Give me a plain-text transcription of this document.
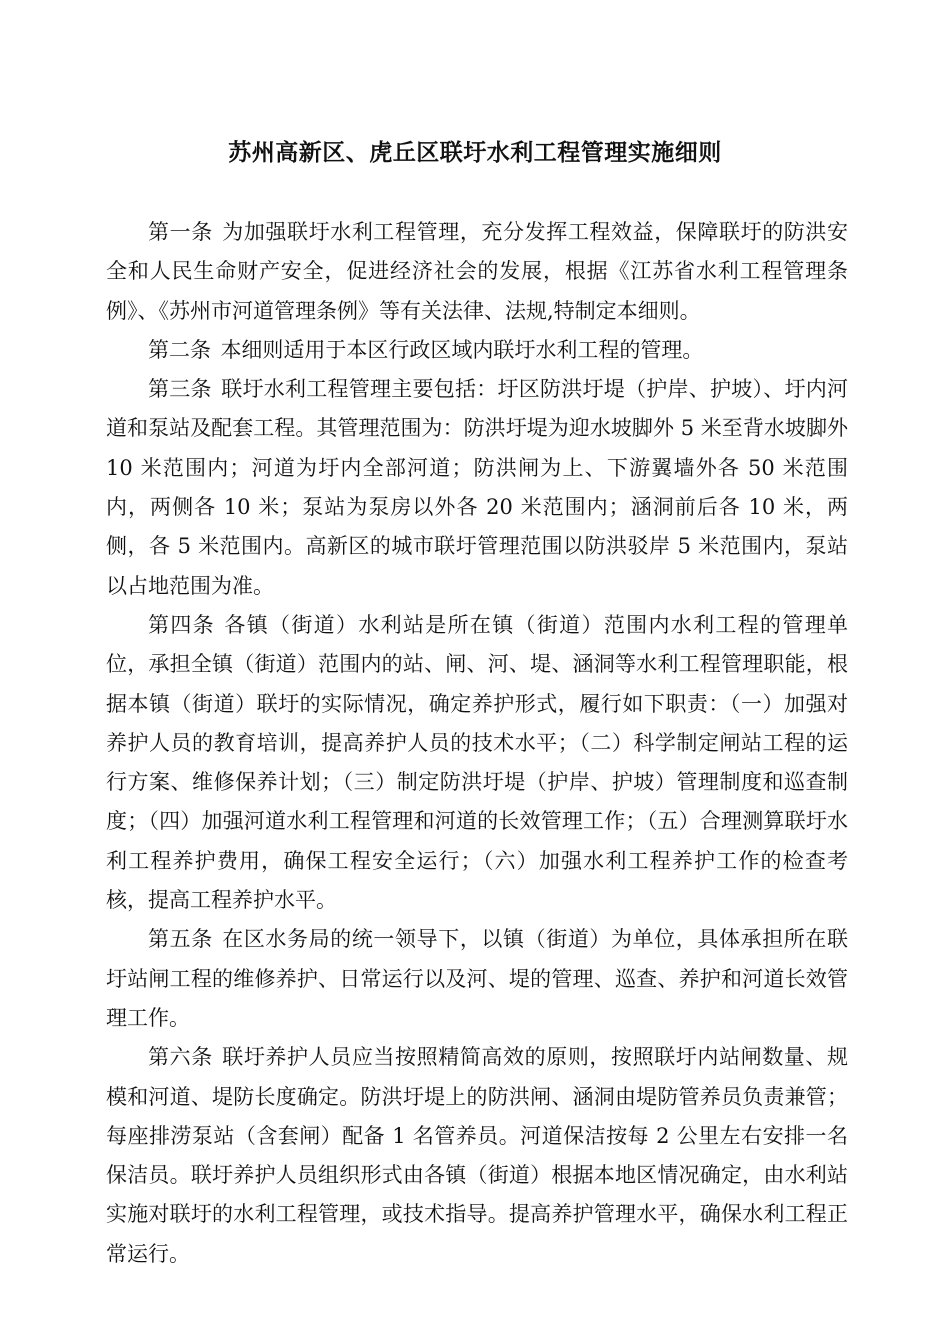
苏州高新区、虎丘区联圩水利工程管理实施细则

第一条 为加强联圩水利工程管理，充分发挥工程效益，保障联圩的防洪安全和人民生命财产安全，促进经济社会的发展，根据《江苏省水利工程管理条例》、《苏州市河道管理条例》等有关法律、法规,特制定本细则。

第二条 本细则适用于本区行政区域内联圩水利工程的管理。

第三条 联圩水利工程管理主要包括：圩区防洪圩堤（护岸、护坡）、圩内河道和泵站及配套工程。其管理范围为：防洪圩堤为迎水坡脚外 5 米至背水坡脚外 10 米范围内；河道为圩内全部河道；防洪闸为上、下游翼墙外各 50 米范围内，两侧各 10 米；泵站为泵房以外各 20 米范围内；涵洞前后各 10 米，两侧，各 5 米范围内。高新区的城市联圩管理范围以防洪驳岸 5 米范围内，泵站以占地范围为准。

第四条 各镇（街道）水利站是所在镇（街道）范围内水利工程的管理单位，承担全镇（街道）范围内的站、闸、河、堤、涵洞等水利工程管理职能，根据本镇（街道）联圩的实际情况，确定养护形式，履行如下职责：（一）加强对养护人员的教育培训，提高养护人员的技术水平；（二）科学制定闸站工程的运行方案、维修保养计划；（三）制定防洪圩堤（护岸、护坡）管理制度和巡查制度；（四）加强河道水利工程管理和河道的长效管理工作；（五）合理测算联圩水利工程养护费用，确保工程安全运行；（六）加强水利工程养护工作的检查考核，提高工程养护水平。

第五条 在区水务局的统一领导下，以镇（街道）为单位，具体承担所在联圩站闸工程的维修养护、日常运行以及河、堤的管理、巡查、养护和河道长效管理工作。

第六条 联圩养护人员应当按照精简高效的原则，按照联圩内站闸数量、规模和河道、堤防长度确定。防洪圩堤上的防洪闸、涵洞由堤防管养员负责兼管；每座排涝泵站（含套闸）配备 1 名管养员。河道保洁按每 2 公里左右安排一名保洁员。联圩养护人员组织形式由各镇（街道）根据本地区情况确定，由水利站实施对联圩的水利工程管理，或技术指导。提高养护管理水平，确保水利工程正常运行。
